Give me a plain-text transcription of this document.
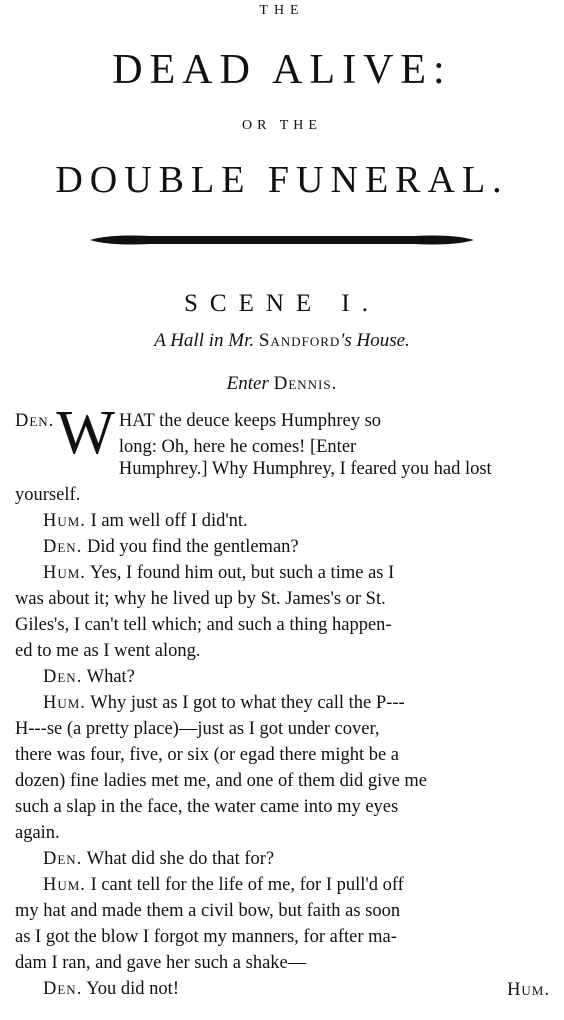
THE
DEAD ALIVE:
OR THE
DOUBLE FUNERAL.
SCENE I.
A Hall in Mr. Sandford's House.
Enter Dennis.
Den. W HAT the deuce keeps Humphrey so
long: Oh, here he comes! [Enter
Humphrey.] Why Humphrey, I feared you had lost
yourself.
Hum. I am well off I did'nt.
Den. Did you find the gentleman?
Hum. Yes, I found him out, but such a time as I
was about it; why he lived up by St. James's or St.
Giles's, I can't tell which; and such a thing happen-
ed to me as I went along.
Den. What?
Hum. Why just as I got to what they call the P---
H---se (a pretty place)—just as I got under cover,
there was four, five, or six (or egad there might be a
dozen) fine ladies met me, and one of them did give me
such a slap in the face, the water came into my eyes
again.
Den. What did she do that for?
Hum. I cant tell for the life of me, for I pull'd off
my hat and made them a civil bow, but faith as soon
as I got the blow I forgot my manners, for after ma-
dam I ran, and gave her such a shake—
Den. You did not!	Hum.
